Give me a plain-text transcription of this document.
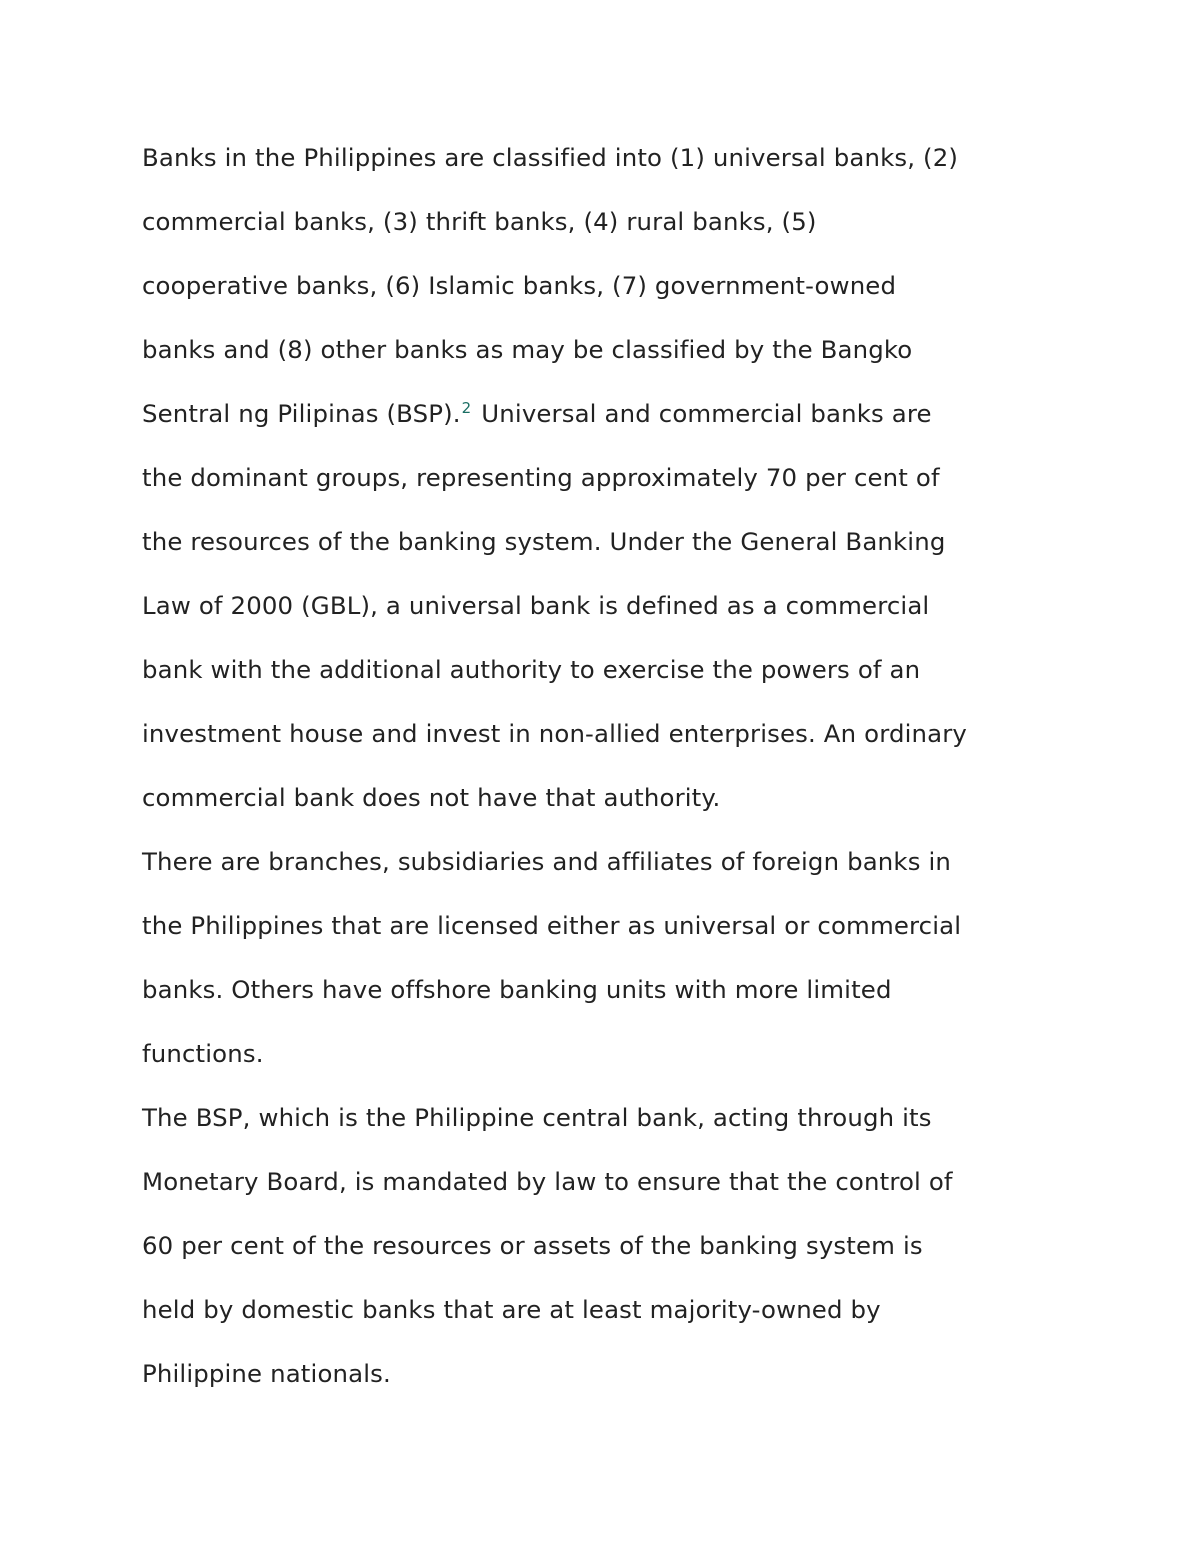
Banks in the Philippines are classified into (1) universal banks, (2)
commercial banks, (3) thrift banks, (4) rural banks, (5)
cooperative banks, (6) Islamic banks, (7) government-owned
banks and (8) other banks as may be classified by the Bangko
Sentral ng Pilipinas (BSP).$^2$ Universal and commercial banks are
the dominant groups, representing approximately 70 per cent of
the resources of the banking system. Under the General Banking
Law of 2000 (GBL), a universal bank is defined as a commercial
bank with the additional authority to exercise the powers of an
investment house and invest in non-allied enterprises. An ordinary
commercial bank does not have that authority.
There are branches, subsidiaries and affiliates of foreign banks in
the Philippines that are licensed either as universal or commercial
banks. Others have offshore banking units with more limited
functions.
The BSP, which is the Philippine central bank, acting through its
Monetary Board, is mandated by law to ensure that the control of
60 per cent of the resources or assets of the banking system is
held by domestic banks that are at least majority-owned by
Philippine nationals.
